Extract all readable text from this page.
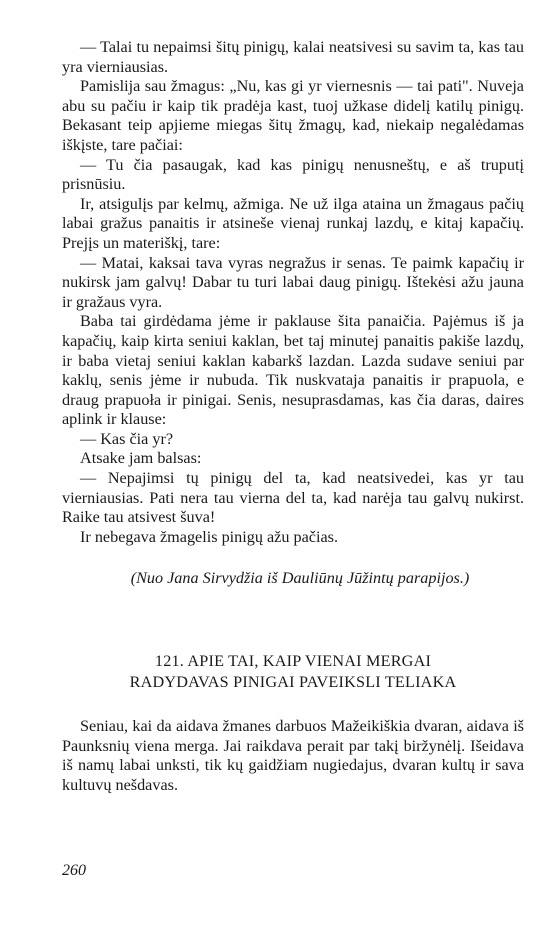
— Talai tu nepaimsi šitų pinigų, kalai neatsivesi su savim ta, kas tau yra vierniausias.

Pamislija sau žmagus: „Nu, kas gi yr viernesnis — tai pati". Nuveja abu su pačiu ir kaip tik pradėja kast, tuoj užkase didelį katilų pinigų. Bekasant teip apjieme miegas šitų žmagų, kad, niekaip negalėdamas iškįste, tare pačiai:

— Tu čia pasaugak, kad kas pinigų nenusneštų, e aš truputį prisnūsiu.

Ir, atsigulįs par kelmų, ažmiga. Ne už ilga ataina un žmagaus pačių labai gražus panaitis ir atsineše vienaj runkaj lazdų, e kitaj kapačių. Prejįs un materiškį, tare:

— Matai, kaksai tava vyras negražus ir senas. Te paimk kapačių ir nukirsk jam galvų! Dabar tu turi labai daug pinigų. Ištekėsi ažu jauna ir gražaus vyra.

Baba tai girdėdama jėme ir paklause šita panaičia. Pajėmus iš ja kapačių, kaip kirta seniui kaklan, bet taj minutej panaitis pakiše lazdų, ir baba vietaj seniui kaklan kabarkš lazdan. Lazda sudave seniui par kaklų, senis jėme ir nubuda. Tik nuskvataja panaitis ir prapuola, e draug prapuoła ir pinigai. Senis, nesuprasdamas, kas čia daras, daires aplink ir klause:

— Kas čia yr?

Atsake jam balsas:

— Nepajimsi tų pinigų del ta, kad neatsivedei, kas yr tau vierniausias. Pati nera tau vierna del ta, kad narėja tau galvų nukirst. Raike tau atsivest šuva!

Ir nebegava žmagelis pinigų ažu pačias.

(Nuo Jana Sirvydžia iš Dauliūnų Jūžintų parapijos.)

121. APIE TAI, KAIP VIENAI MERGAI
RADYDAVAS PINIGAI PAVEIKSLI TELIAKA

Seniau, kai da aidava žmanes darbuos Mažeikiškia dvaran, aidava iš Paunksnių viena merga. Jai raikdava perait par takį biržynėlį. Išeidava iš namų labai unksti, tik kų gaidžiam nugiedajus, dvaran kultų ir sava kultuvų nešdavas.

260
